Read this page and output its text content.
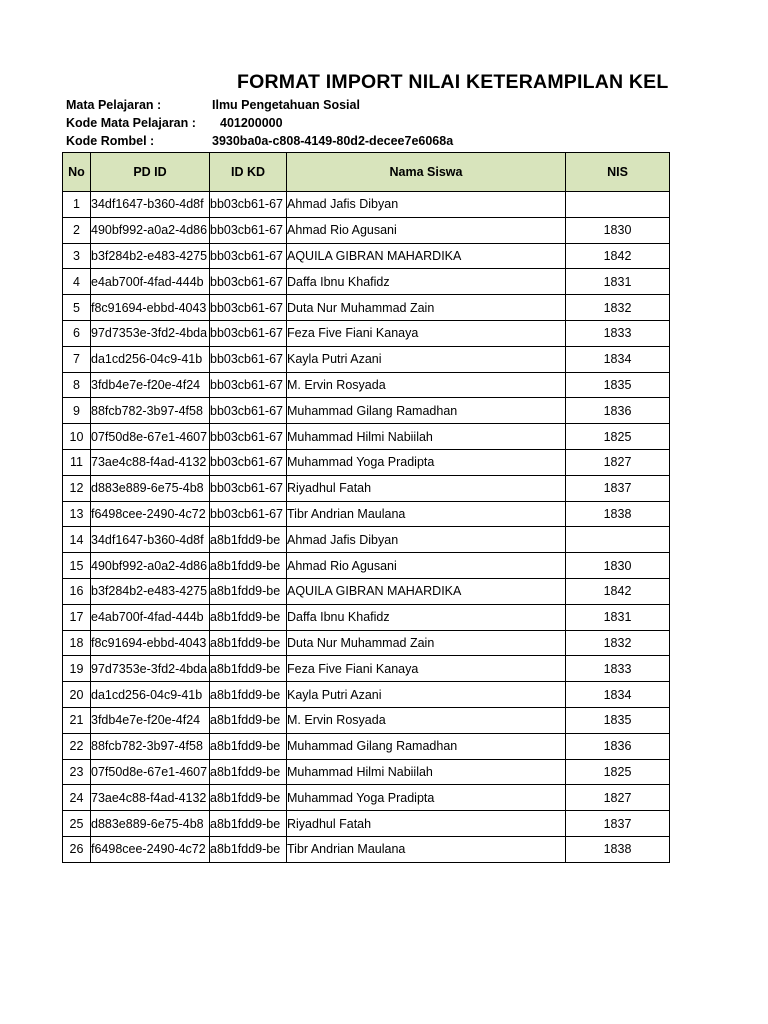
FORMAT IMPORT NILAI KETERAMPILAN KEL
Mata Pelajaran :	Ilmu Pengetahuan Sosial
Kode Mata Pelajaran : 401200000
Kode Rombel :	3930ba0a-c808-4149-80d2-decee7e6068a
No	PD ID	ID KD	Nama Siswa	NIS

1	34df1647-b360-4d8f	bb03cb61-67	Ahmad Jafis Dibyan	

2	490bf992-a0a2-4d86	bb03cb61-67	Ahmad Rio Agusani	1830

3	b3f284b2-e483-4275	bb03cb61-67	AQUILA GIBRAN MAHARDIKA	1842

4	e4ab700f-4fad-444b	bb03cb61-67	Daffa Ibnu Khafidz	1831

5	f8c91694-ebbd-4043	bb03cb61-67	Duta Nur Muhammad Zain	1832

6	97d7353e-3fd2-4bda	bb03cb61-67	Feza Five Fiani Kanaya	1833

7	da1cd256-04c9-41b	bb03cb61-67	Kayla Putri Azani	1834

8	3fdb4e7e-f20e-4f24	bb03cb61-67	M. Ervin Rosyada	1835

9	88fcb782-3b97-4f58	bb03cb61-67	Muhammad Gilang Ramadhan	1836

10	07f50d8e-67e1-4607	bb03cb61-67	Muhammad Hilmi Nabiilah	1825

11	73ae4c88-f4ad-4132	bb03cb61-67	Muhammad Yoga Pradipta	1827

12	d883e889-6e75-4b8	bb03cb61-67	Riyadhul Fatah	1837

13	f6498cee-2490-4c72	bb03cb61-67	Tibr Andrian Maulana	1838

14	34df1647-b360-4d8f	a8b1fdd9-be	Ahmad Jafis Dibyan	

15	490bf992-a0a2-4d86	a8b1fdd9-be	Ahmad Rio Agusani	1830

16	b3f284b2-e483-4275	a8b1fdd9-be	AQUILA GIBRAN MAHARDIKA	1842

17	e4ab700f-4fad-444b	a8b1fdd9-be	Daffa Ibnu Khafidz	1831

18	f8c91694-ebbd-4043	a8b1fdd9-be	Duta Nur Muhammad Zain	1832

19	97d7353e-3fd2-4bda	a8b1fdd9-be	Feza Five Fiani Kanaya	1833

20	da1cd256-04c9-41b	a8b1fdd9-be	Kayla Putri Azani	1834

21	3fdb4e7e-f20e-4f24	a8b1fdd9-be	M. Ervin Rosyada	1835

22	88fcb782-3b97-4f58	a8b1fdd9-be	Muhammad Gilang Ramadhan	1836

23	07f50d8e-67e1-4607	a8b1fdd9-be	Muhammad Hilmi Nabiilah	1825

24	73ae4c88-f4ad-4132	a8b1fdd9-be	Muhammad Yoga Pradipta	1827

25	d883e889-6e75-4b8	a8b1fdd9-be	Riyadhul Fatah	1837

26	f6498cee-2490-4c72	a8b1fdd9-be	Tibr Andrian Maulana	1838
